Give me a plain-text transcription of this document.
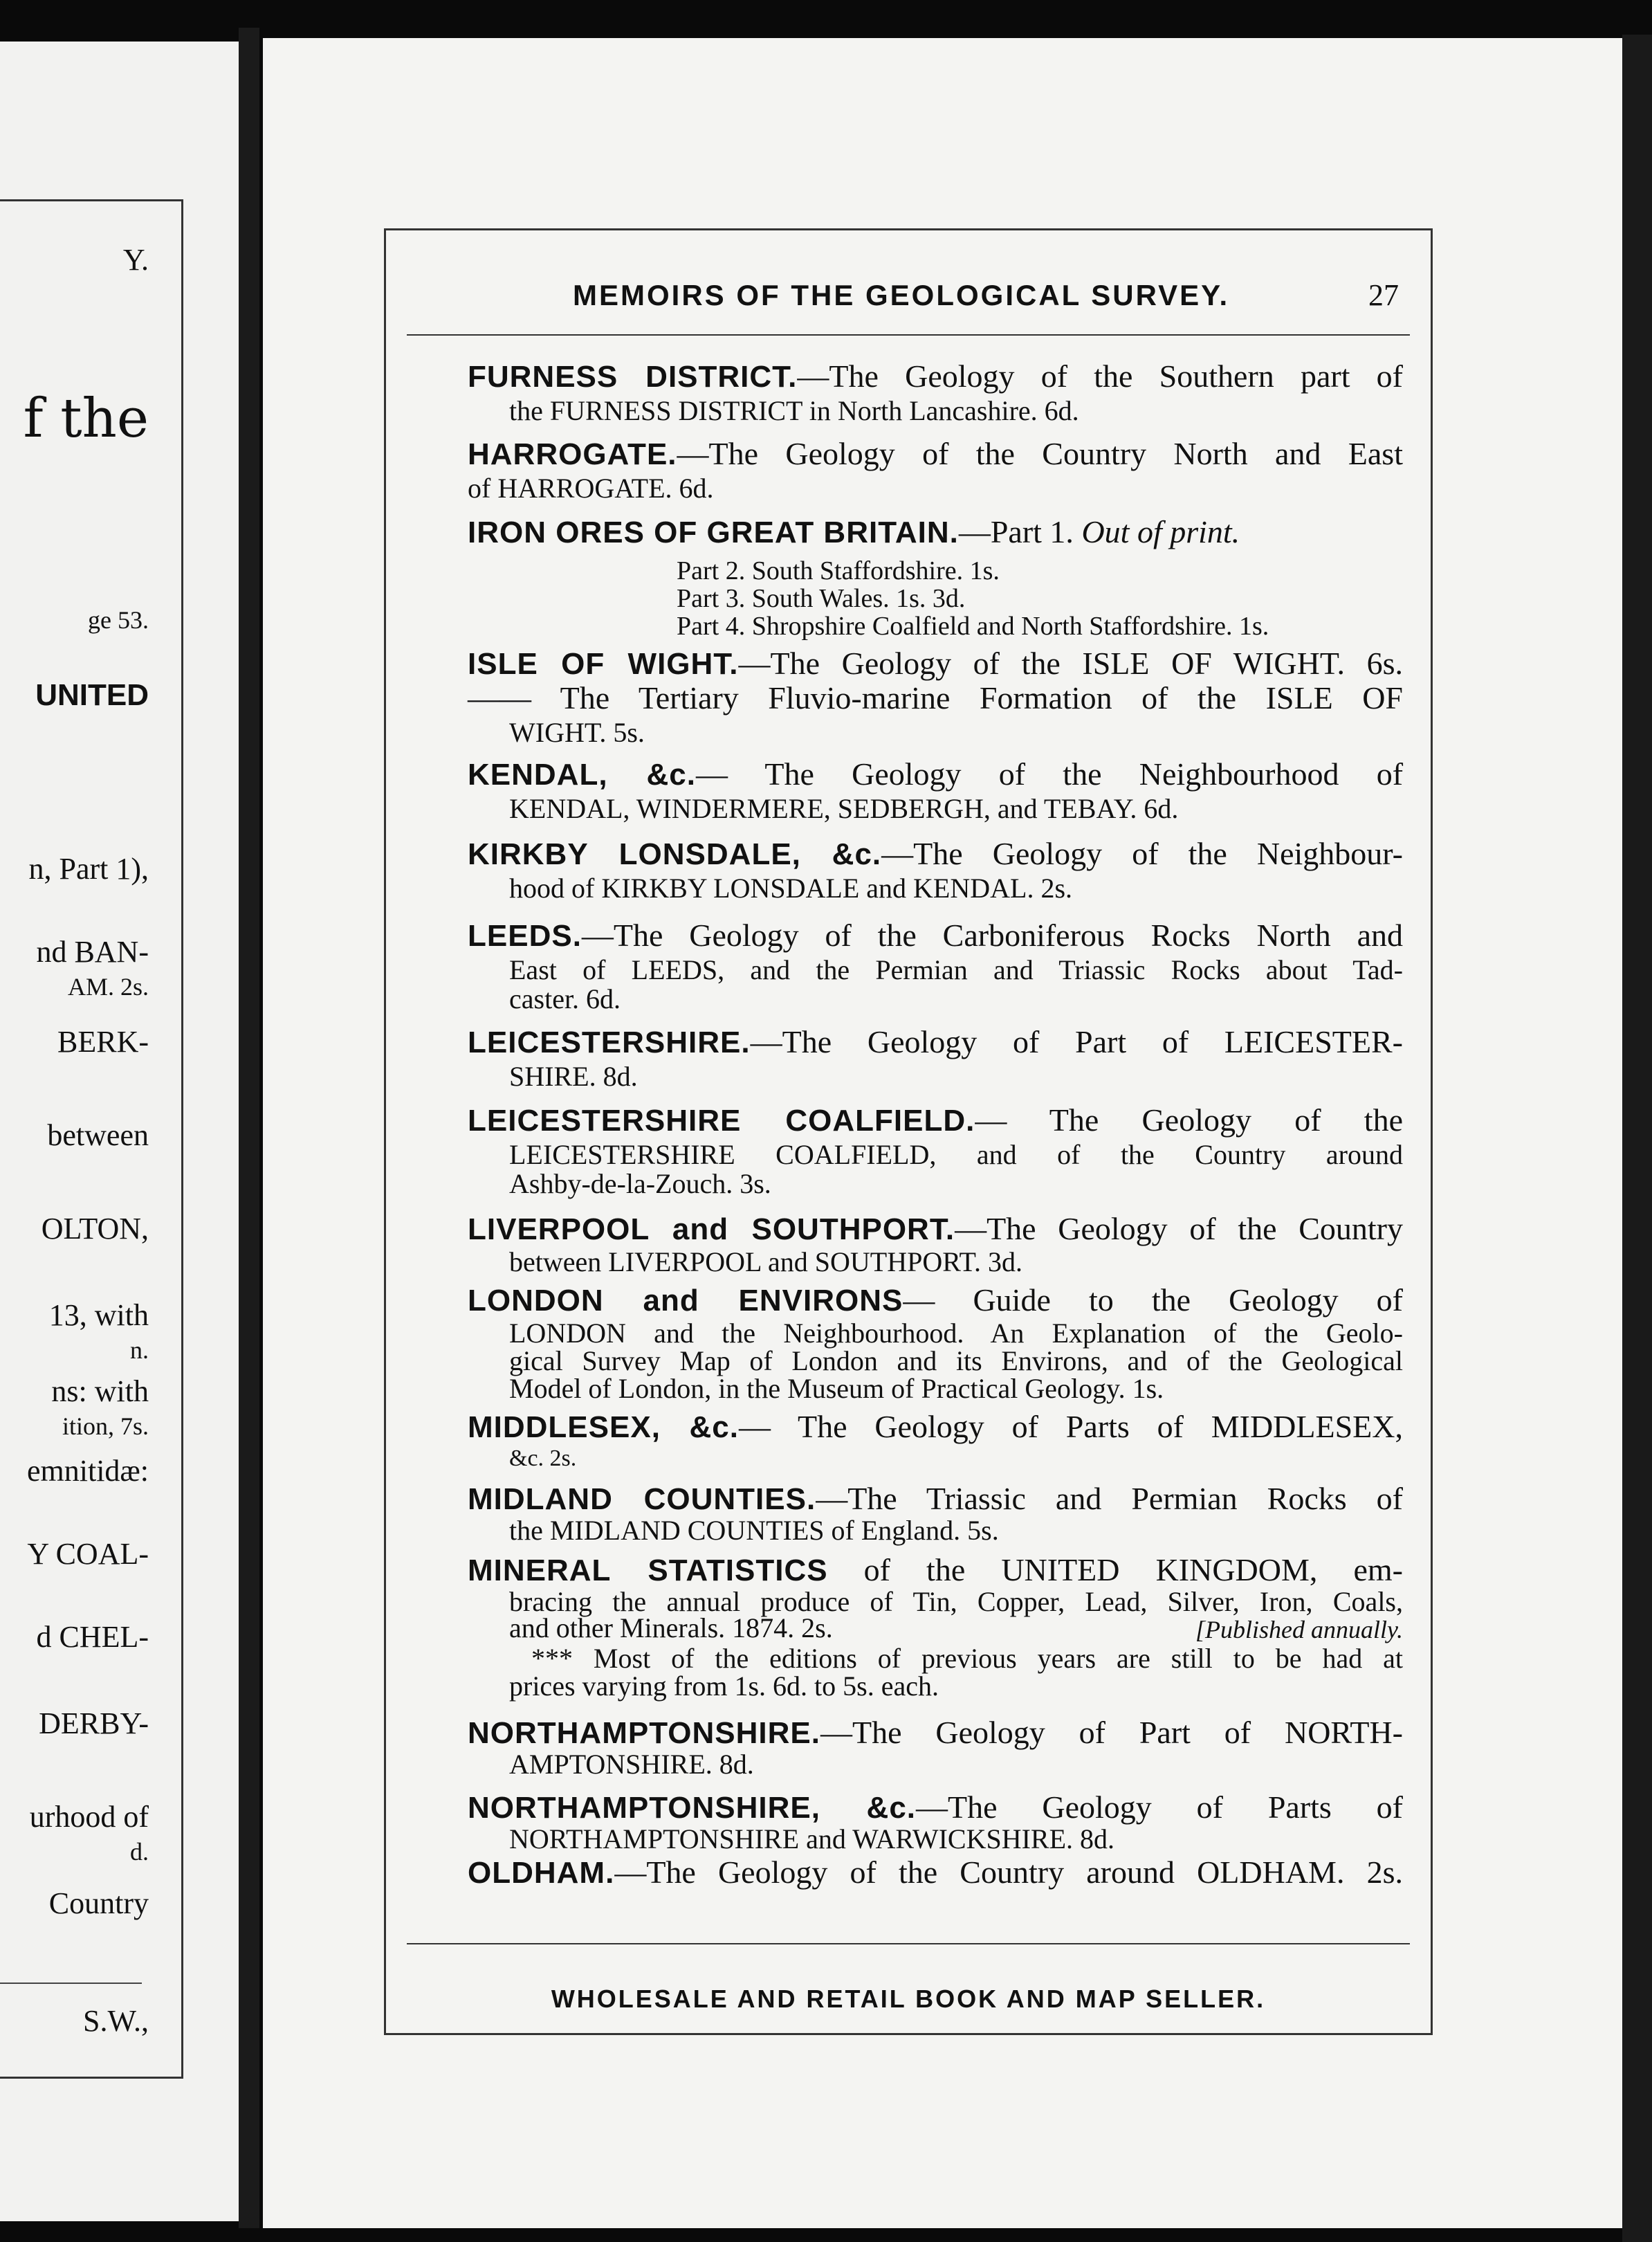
Y.
f the
ge 53.
UNITED
n, Part 1),
nd BAN-
AM. 2s.
BERK-
between
OLTON,
13, with
n.
ns: with
ition, 7s.
emnitidæ:
Y COAL-
d CHEL-
DERBY-
urhood of
d.
Country
S.W.,
MEMOIRS OF THE GEOLOGICAL SURVEY.	27
FURNESS DISTRICT.—The Geology of the Southern part of
the FURNESS DISTRICT in North Lancashire. 6d.
HARROGATE.—The Geology of the Country North and East
of HARROGATE. 6d.
IRON ORES OF GREAT BRITAIN.—Part 1. Out of print.
Part 2. South Staffordshire. 1s.
Part 3. South Wales. 1s. 3d.
Part 4. Shropshire Coalfield and North Staffordshire. 1s.
ISLE OF WIGHT.—The Geology of the ISLE OF WIGHT. 6s.
—— The Tertiary Fluvio-marine Formation of the ISLE OF
WIGHT. 5s.
KENDAL, &c.— The Geology of the Neighbourhood of
KENDAL, WINDERMERE, SEDBERGH, and TEBAY. 6d.
KIRKBY LONSDALE, &c.—The Geology of the Neighbour-
hood of KIRKBY LONSDALE and KENDAL. 2s.
LEEDS.—The Geology of the Carboniferous Rocks North and
East of LEEDS, and the Permian and Triassic Rocks about Tad-
caster. 6d.
LEICESTERSHIRE.—The Geology of Part of LEICESTER-
SHIRE. 8d.
LEICESTERSHIRE COALFIELD.— The Geology of the
LEICESTERSHIRE COALFIELD, and of the Country around
Ashby-de-la-Zouch. 3s.
LIVERPOOL and SOUTHPORT.—The Geology of the Country
between LIVERPOOL and SOUTHPORT. 3d.
LONDON and ENVIRONS— Guide to the Geology of
LONDON and the Neighbourhood. An Explanation of the Geolo-
gical Survey Map of London and its Environs, and of the Geological
Model of London, in the Museum of Practical Geology. 1s.
MIDDLESEX, &c.— The Geology of Parts of MIDDLESEX,
&c. 2s.
MIDLAND COUNTIES.—The Triassic and Permian Rocks of
the MIDLAND COUNTIES of England. 5s.
MINERAL STATISTICS of the UNITED KINGDOM, em-
bracing the annual produce of Tin, Copper, Lead, Silver, Iron, Coals,
and other Minerals. 1874. 2s.	[Published annually.
*** Most of the editions of previous years are still to be had at
prices varying from 1s. 6d. to 5s. each.
NORTHAMPTONSHIRE.—The Geology of Part of NORTH-
AMPTONSHIRE. 8d.
NORTHAMPTONSHIRE, &c.—The Geology of Parts of
NORTHAMPTONSHIRE and WARWICKSHIRE. 8d.
OLDHAM.—The Geology of the Country around OLDHAM. 2s.
WHOLESALE AND RETAIL BOOK AND MAP SELLER.
